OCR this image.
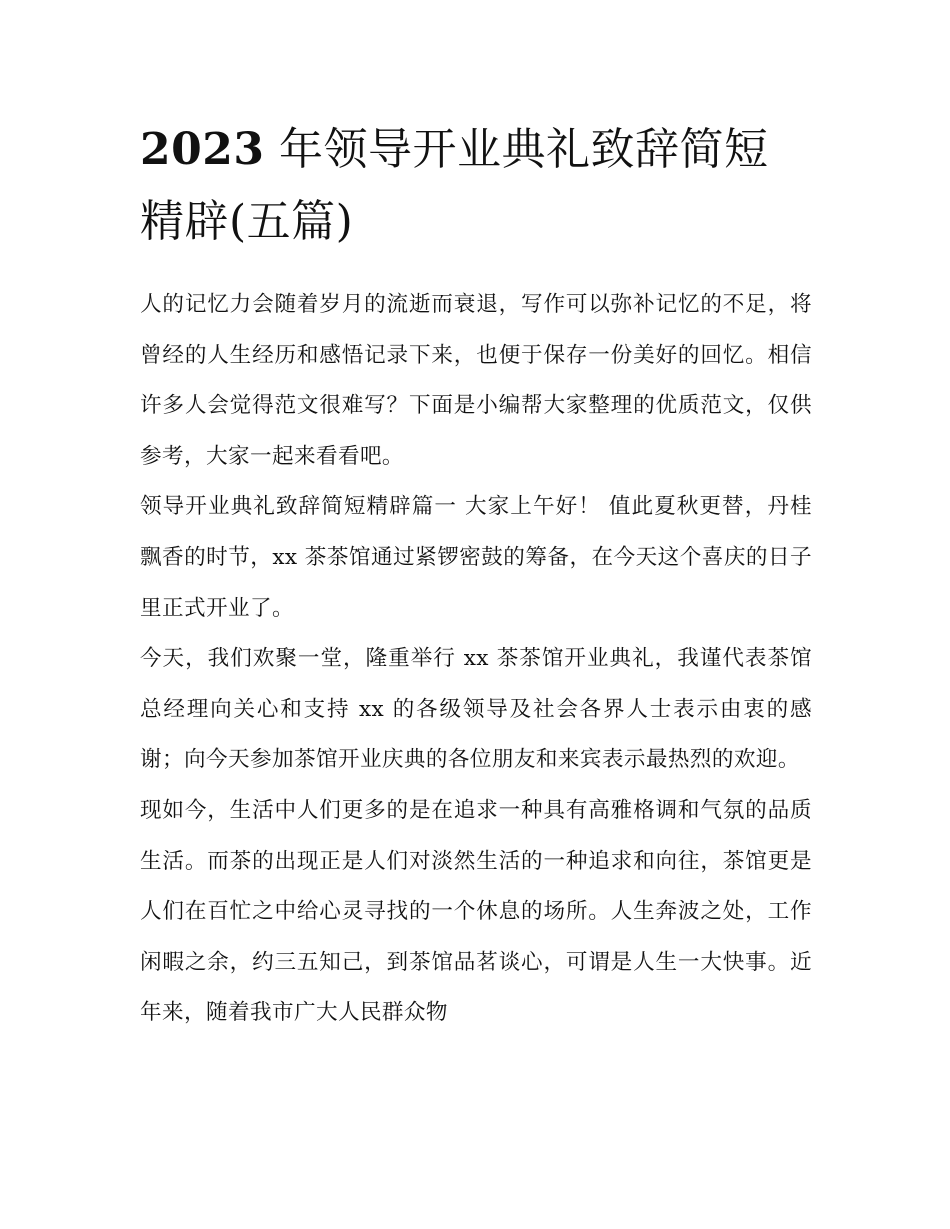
2023 年领导开业典礼致辞简短
精辟(五篇)

人的记忆力会随着岁月的流逝而衰退，写作可以弥补记忆的不足，将曾经的人生经历和感悟记录下来，也便于保存一份美好的回忆。相信许多人会觉得范文很难写？下面是小编帮大家整理的优质范文，仅供参考，大家一起来看看吧。

领导开业典礼致辞简短精辟篇一 大家上午好！ 值此夏秋更替，丹桂飘香的时节，xx 茶茶馆通过紧锣密鼓的筹备，在今天这个喜庆的日子里正式开业了。

今天，我们欢聚一堂，隆重举行 xx 茶茶馆开业典礼，我谨代表茶馆总经理向关心和支持 xx 的各级领导及社会各界人士表示由衷的感谢；向今天参加茶馆开业庆典的各位朋友和来宾表示最热烈的欢迎。

现如今，生活中人们更多的是在追求一种具有高雅格调和气氛的品质生活。而茶的出现正是人们对淡然生活的一种追求和向往，茶馆更是人们在百忙之中给心灵寻找的一个休息的场所。人生奔波之处，工作闲暇之余，约三五知己，到茶馆品茗谈心，可谓是人生一大快事。近年来，随着我市广大人民群众物
